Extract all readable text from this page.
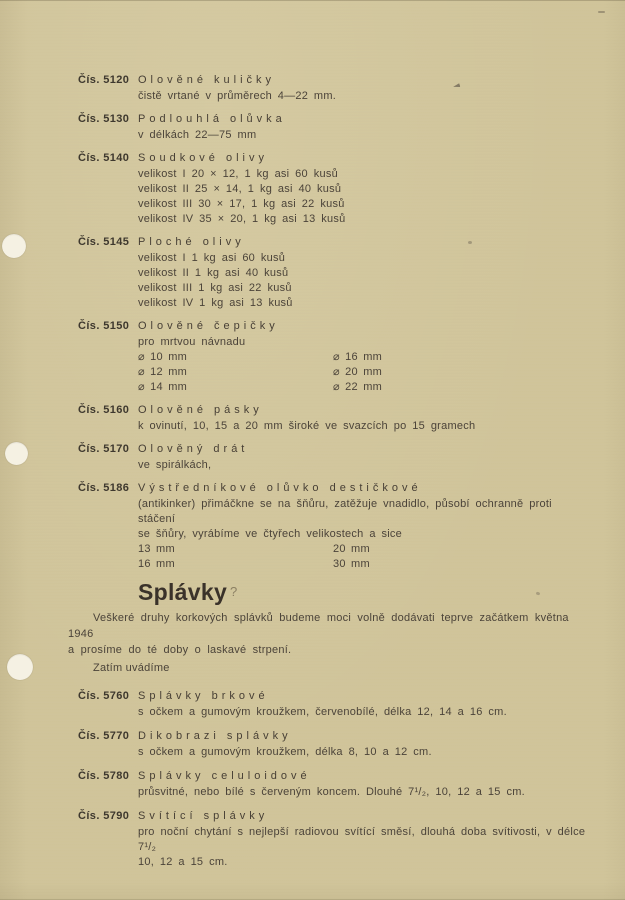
Čís. 5120 Olověné kuličky
čistě vrtané v průměrech 4—22 mm.
Čís. 5130 Podlouhlá olůvka
v délkách 22—75 mm
Čís. 5140 Soudkové olivy
velikost I 20 × 12, 1 kg asi 60 kusů
velikost II 25 × 14, 1 kg asi 40 kusů
velikost III 30 × 17, 1 kg asi 22 kusů
velikost IV 35 × 20, 1 kg asi 13 kusů
Čís. 5145 Ploché olivy
velikost I 1 kg asi 60 kusů
velikost II 1 kg asi 40 kusů
velikost III 1 kg asi 22 kusů
velikost IV 1 kg asi 13 kusů
Čís. 5150 Olověné čepičky
pro mrtvou návnadu
⌀ 10 mm	⌀ 16 mm
⌀ 12 mm	⌀ 20 mm
⌀ 14 mm	⌀ 22 mm
Čís. 5160 Olověné pásky
k ovinutí, 10, 15 a 20 mm široké ve svazcích po 15 gramech
Čís. 5170 Olověný drát
ve spirálkách,
Čís. 5186 Výstředníkové olůvko destičkové
(antikinker) přimáčkne se na šňůru, zatěžuje vnadidlo, působí ochranně proti stáčení
se šňůry, vyrábíme ve čtyřech velikostech a sice
13 mm	20 mm
16 mm	30 mm
Splávky ?
Veškeré druhy korkových splávků budeme moci volně dodávati teprve začátkem května 1946
a prosíme do té doby o laskavé strpení.
Zatím uvádíme
Čís. 5760 Splávky brkové
s očkem a gumovým kroužkem, červenobílé, délka 12, 14 a 16 cm.
Čís. 5770 Dikobrazi splávky
s očkem a gumovým kroužkem, délka 8, 10 a 12 cm.
Čís. 5780 Splávky celuloidové
průsvitné, nebo bílé s červeným koncem. Dlouhé 7¹/₂, 10, 12 a 15 cm.
Čís. 5790 Svítící splávky
pro noční chytání s nejlepší radiovou svítící směsí, dlouhá doba svítivosti, v délce 7¹/₂
10, 12 a 15 cm.
